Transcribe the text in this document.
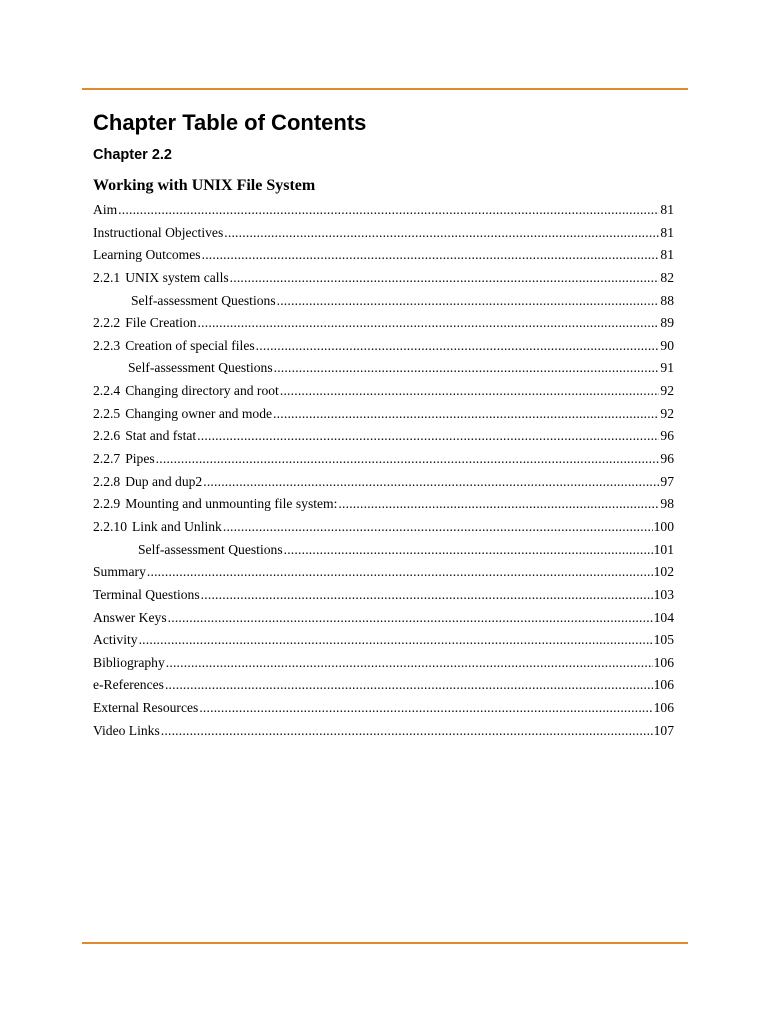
Chapter Table of Contents
Chapter 2.2
Working with UNIX File System
Aim .....	81
Instructional Objectives .....	81
Learning Outcomes .....	81
2.2.1 UNIX system calls .....	82
Self-assessment Questions .....	88
2.2.2 File Creation .....	89
2.2.3 Creation of special files .....	90
Self-assessment Questions .....	91
2.2.4 Changing directory and root .....	92
2.2.5 Changing owner and mode .....	92
2.2.6 Stat and fstat .....	96
2.2.7 Pipes .....	96
2.2.8 Dup and dup2 .....	97
2.2.9 Mounting and unmounting file system: .....	98
2.2.10 Link and Unlink .....	100
Self-assessment Questions .....	101
Summary .....	102
Terminal Questions .....	103
Answer Keys .....	104
Activity .....	105
Bibliography .....	106
e-References .....	106
External Resources .....	106
Video Links .....	107
